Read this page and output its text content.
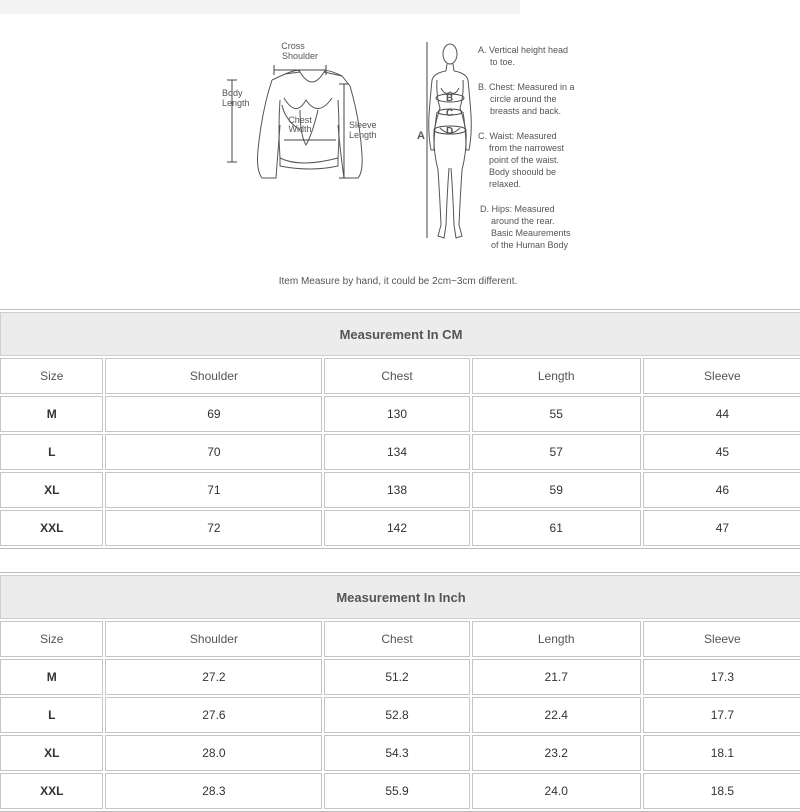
Cross
Shoulder
Body
Length
Chest
Width	Sleeve
Length	A
B
C
D
A. Vertical height head
to toe.
B. Chest: Measured in a
circle around the
breasts and back.
C. Waist: Measured
from the narrowest
point of the waist.
Body shoould be
relaxed.
D. Hips: Measured
around the rear.
Basic Meaurements
of the Human Body
Item Measure by hand, it could be 2cm~3cm different.
Measurement In CM				
Size	Shoulder	Chest	Length	Sleeve
M	69	130	55	44
L	70	134	57	45
XL	71	138	59	46
XXL	72	142	61	47
Measurement In Inch				
Size	Shoulder	Chest	Length	Sleeve
M	27.2	51.2	21.7	17.3
L	27.6	52.8	22.4	17.7
XL	28.0	54.3	23.2	18.1
XXL	28.3	55.9	24.0	18.5
